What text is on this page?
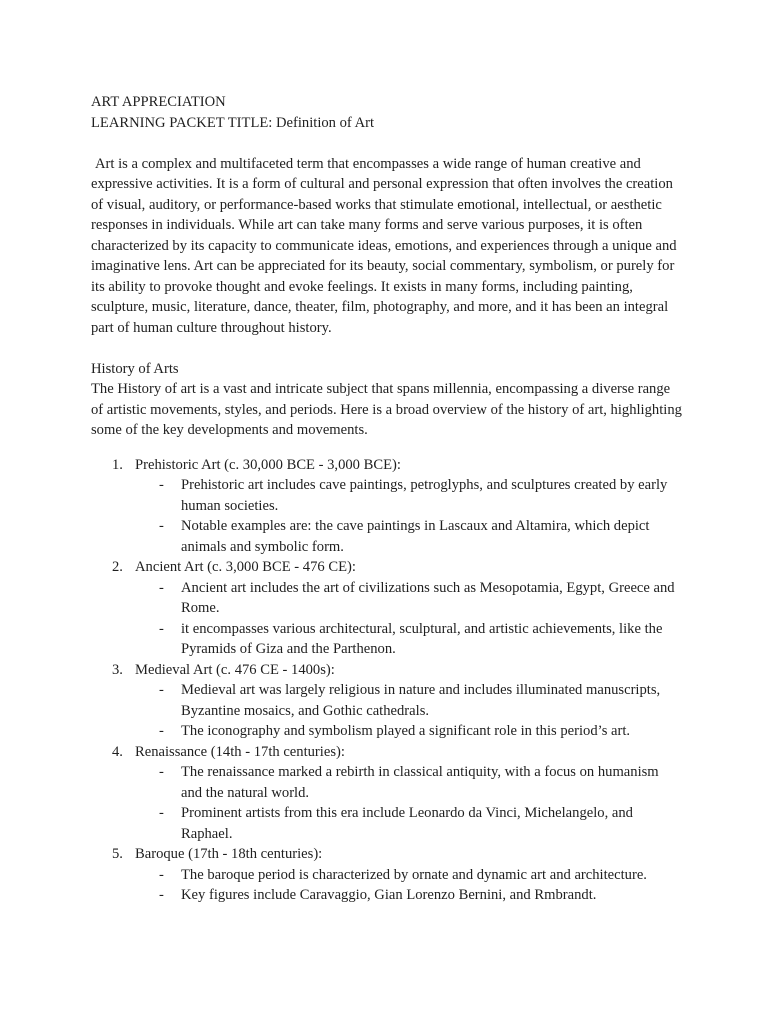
ART APPRECIATION
LEARNING PACKET TITLE: Definition of Art

Art is a complex and multifaceted term that encompasses a wide range of human creative and expressive activities. It is a form of cultural and personal expression that often involves the creation of visual, auditory, or performance-based works that stimulate emotional, intellectual, or aesthetic responses in individuals. While art can take many forms and serve various purposes, it is often characterized by its capacity to communicate ideas, emotions, and experiences through a unique and imaginative lens. Art can be appreciated for its beauty, social commentary, symbolism, or purely for its ability to provoke thought and evoke feelings. It exists in many forms, including painting, sculpture, music, literature, dance, theater, film, photography, and more, and it has been an integral part of human culture throughout history.

History of Arts

The History of art is a vast and intricate subject that spans millennia, encompassing a diverse range of artistic movements, styles, and periods. Here is a broad overview of the history of art, highlighting some of the key developments and movements.

1. Prehistoric Art (c. 30,000 BCE - 3,000 BCE):
- Prehistoric art includes cave paintings, petroglyphs, and sculptures created by early human societies.
- Notable examples are: the cave paintings in Lascaux and Altamira, which depict animals and symbolic form.
2. Ancient Art (c. 3,000 BCE - 476 CE):
- Ancient art includes the art of civilizations such as Mesopotamia, Egypt, Greece and Rome.
- it encompasses various architectural, sculptural, and artistic achievements, like the Pyramids of Giza and the Parthenon.
3. Medieval Art (c. 476 CE - 1400s):
- Medieval art was largely religious in nature and includes illuminated manuscripts, Byzantine mosaics, and Gothic cathedrals.
- The iconography and symbolism played a significant role in this period’s art.
4. Renaissance (14th - 17th centuries):
- The renaissance marked a rebirth in classical antiquity, with a focus on humanism and the natural world.
- Prominent artists from this era include Leonardo da Vinci, Michelangelo, and Raphael.
5. Baroque (17th - 18th centuries):
- The baroque period is characterized by ornate and dynamic art and architecture.
- Key figures include Caravaggio, Gian Lorenzo Bernini, and Rmbrandt.
